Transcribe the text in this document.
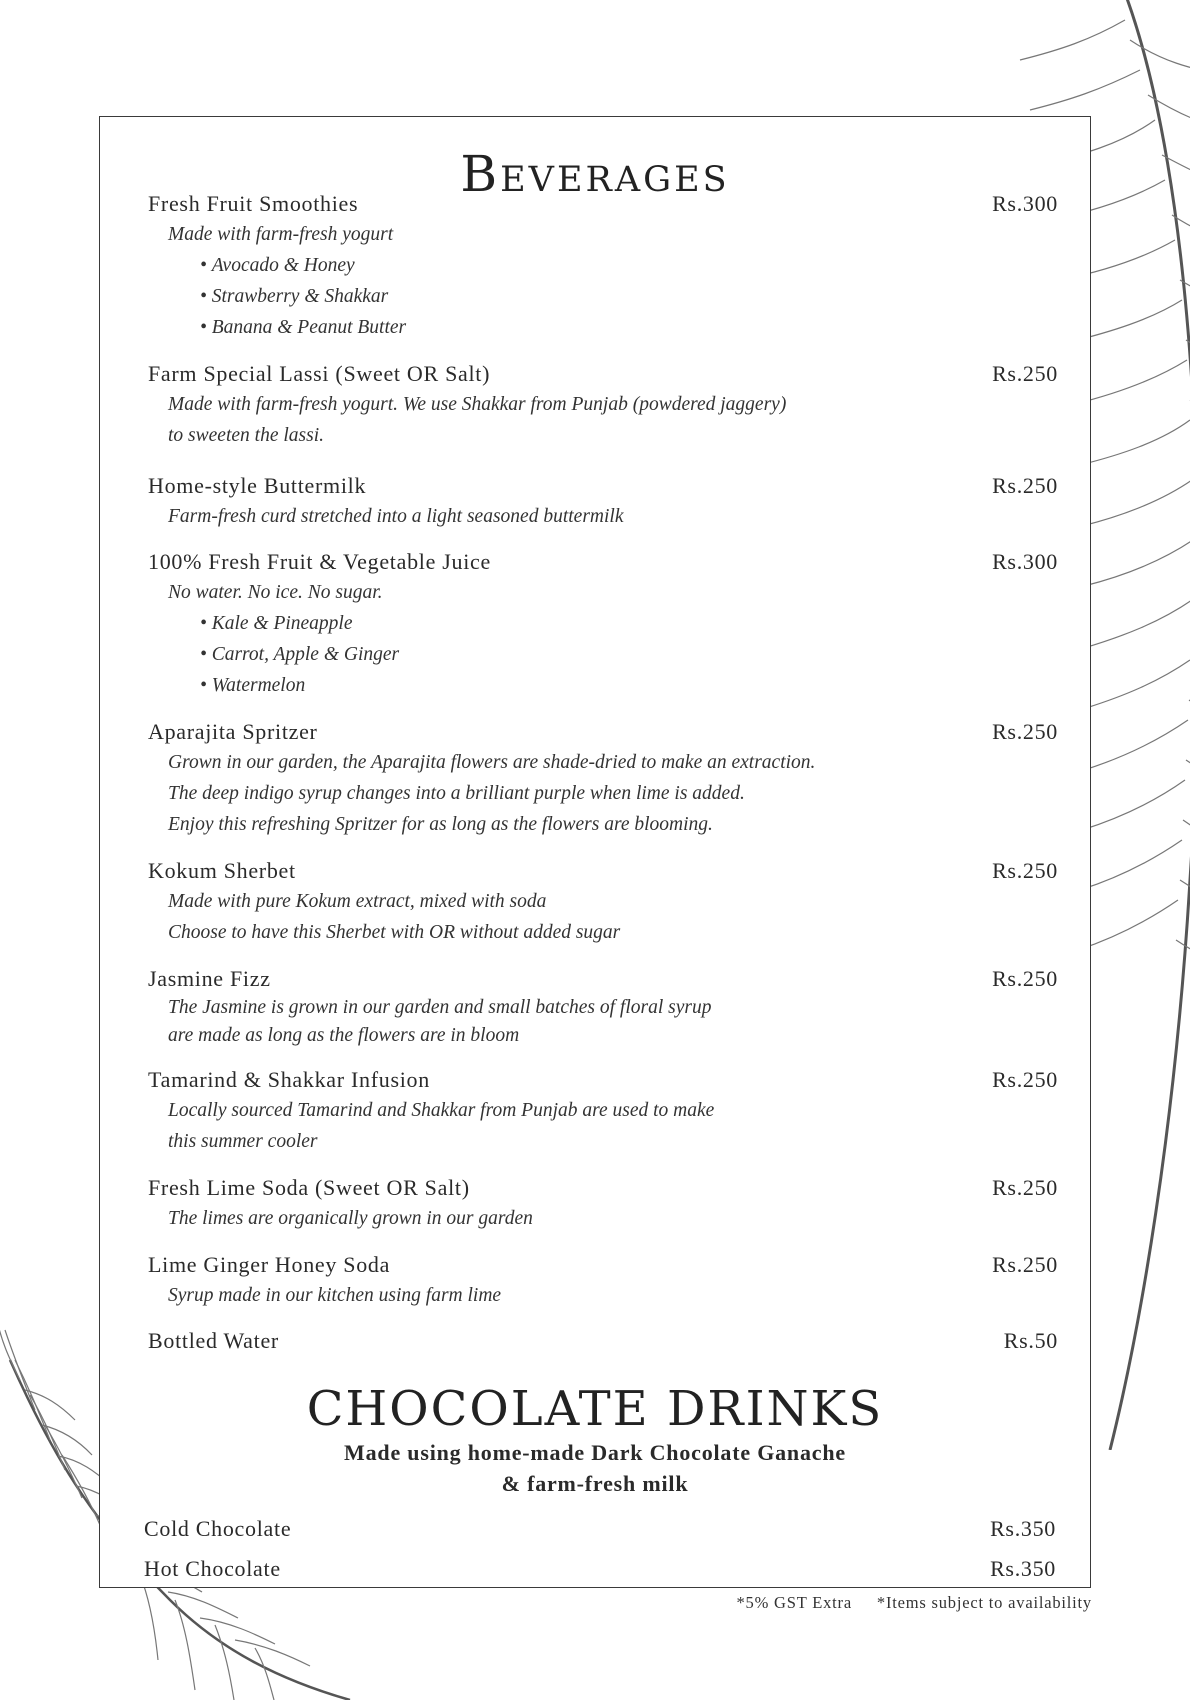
Beverages
Fresh Fruit Smoothies	Rs.300
Made with farm-fresh yogurt
• Avocado & Honey
• Strawberry & Shakkar
• Banana & Peanut Butter
Farm Special Lassi (Sweet OR Salt)	Rs.250
Made with farm-fresh yogurt. We use Shakkar from Punjab (powdered jaggery)
to sweeten the lassi.
Home-style Buttermilk	Rs.250
Farm-fresh curd stretched into a light seasoned buttermilk
100% Fresh Fruit & Vegetable Juice	Rs.300
No water. No ice. No sugar.
• Kale & Pineapple
• Carrot, Apple & Ginger
• Watermelon
Aparajita Spritzer	Rs.250
Grown in our garden, the Aparajita flowers are shade-dried to make an extraction.
The deep indigo syrup changes into a brilliant purple when lime is added.
Enjoy this refreshing Spritzer for as long as the flowers are blooming.
Kokum Sherbet	Rs.250
Made with pure Kokum extract, mixed with soda
Choose to have this Sherbet with OR without added sugar
Jasmine Fizz	Rs.250
The Jasmine is grown in our garden and small batches of floral syrup
are made as long as the flowers are in bloom
Tamarind & Shakkar Infusion	Rs.250
Locally sourced Tamarind and Shakkar from Punjab are used to make
this summer cooler
Fresh Lime Soda (Sweet OR Salt)	Rs.250
The limes are organically grown in our garden
Lime Ginger Honey Soda	Rs.250
Syrup made in our kitchen using farm lime
Bottled Water	Rs.50
CHOCOLATE DRINKS
Made using home-made Dark Chocolate Ganache
& farm-fresh milk
Cold Chocolate	Rs.350
Hot Chocolate	Rs.350
*5% GST Extra *Items subject to availability
